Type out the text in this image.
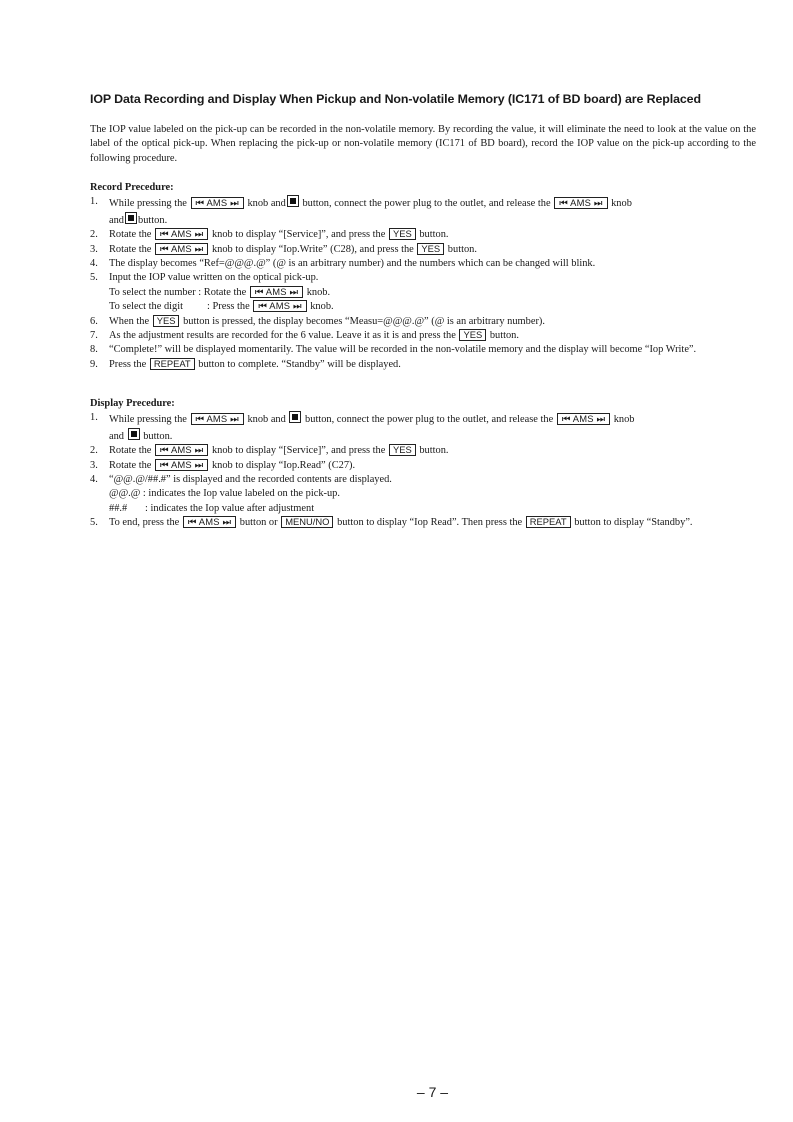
IOP Data Recording and Display When Pickup and Non-volatile Memory (IC171 of BD board) are Replaced
The IOP value labeled on the pick-up can be recorded in the non-volatile memory. By recording the value, it will eliminate the need to look at the value on the label of the optical pick-up. When replacing the pick-up or non-volatile memory (IC171 of BD board), record the IOP value on the pick-up according to the following procedure.
Record Precedure:
1.	While pressing the ⏮ AMS ⏭ knob and button, connect the power plug to the outlet, and release the ⏮ AMS ⏭ knob
and button.
2.	Rotate the ⏮ AMS ⏭ knob to display “[Service]”, and press the YES button.
3.	Rotate the ⏮ AMS ⏭ knob to display “Iop.Write” (C28), and press the YES button.
4.	The display becomes “Ref=@@@.@” (@ is an arbitrary number) and the numbers which can be changed will blink.
5.	Input the IOP value written on the optical pick-up.
To select the number : Rotate the ⏮ AMS ⏭ knob.
To select the digit : Press the ⏮ AMS ⏭ knob.
6.	When the YES button is pressed, the display becomes “Measu=@@@.@” (@ is an arbitrary number).
7.	As the adjustment results are recorded for the 6 value. Leave it as it is and press the YES button.
8.	“Complete!” will be displayed momentarily. The value will be recorded in the non-volatile memory and the display will become “Iop Write”.
9.	Press the REPEAT button to complete. “Standby” will be displayed.
Display Precedure:
1.	While pressing the ⏮ AMS ⏭ knob and button, connect the power plug to the outlet, and release the ⏮ AMS ⏭ knob
and button.
2.	Rotate the ⏮ AMS ⏭ knob to display “[Service]”, and press the YES button.
3.	Rotate the ⏮ AMS ⏭ knob to display “Iop.Read” (C27).
4.	“@@.@/##.#” is displayed and the recorded contents are displayed.
@@.@ : indicates the Iop value labeled on the pick-up.
##.# : indicates the Iop value after adjustment
5.	To end, press the ⏮ AMS ⏭ button or MENU/NO button to display “Iop Read”. Then press the REPEAT button to display “Standby”.
– 7 –
